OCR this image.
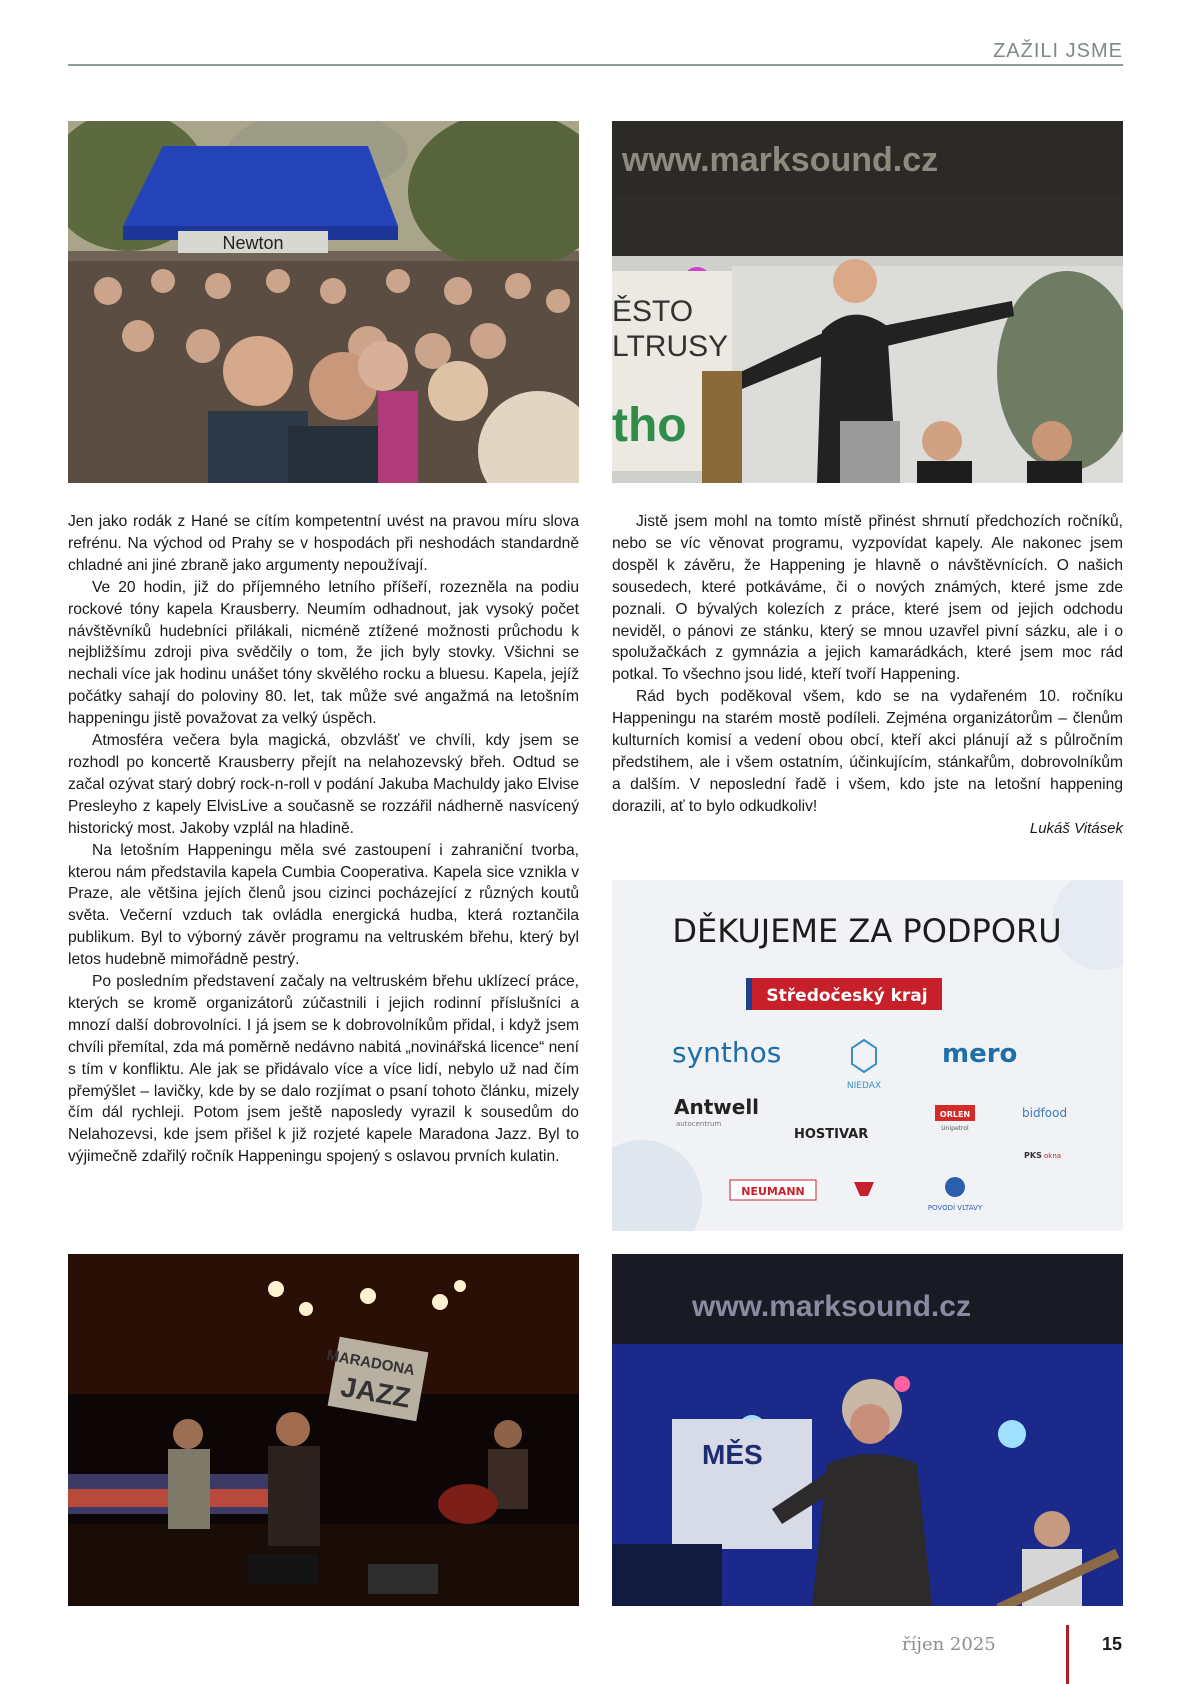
ZAŽILI JSME
Newton
www.marksound.cz
ĚSTO
LTRUSY
tho

Jen jako rodák z Hané se cítím kompetentní uvést na pravou míru slova refrénu. Na východ od Prahy se v hospodách při neshodách standardně chladné ani jiné zbraně jako argumenty nepoužívají.

Ve 20 hodin, již do příjemného letního příšeří, rozezněla na podiu rockové tóny kapela Krausberry. Neumím odhadnout, jak vysoký počet návštěvníků hudebníci přilákali, nicméně ztížené možnosti průchodu k nejbližšímu zdroji piva svědčily o tom, že jich byly stovky. Všichni se nechali více jak hodinu unášet tóny skvělého rocku a bluesu. Kapela, jejíž počátky sahají do poloviny 80. let, tak může své angažmá na letošním happeningu jistě považovat za velký úspěch.

Atmosféra večera byla magická, obzvlášť ve chvíli, kdy jsem se rozhodl po koncertě Krausberry přejít na nelahozevský břeh. Odtud se začal ozývat starý dobrý rock-n-roll v podání Jakuba Machuldy jako Elvise Presleyho z kapely ElvisLive a současně se rozzářil nádherně nasvícený historický most. Jakoby vzplál na hladině.

Na letošním Happeningu měla své zastoupení i zahraniční tvorba, kterou nám představila kapela Cumbia Cooperativa. Kapela sice vznikla v Praze, ale většina jejích členů jsou cizinci pocházející z různých koutů světa. Večerní vzduch tak ovládla energická hudba, která roztančila publikum. Byl to výborný závěr programu na veltruském břehu, který byl letos hudebně mimořádně pestrý.

Po posledním představení začaly na veltruském břehu uklízecí práce, kterých se kromě organizátorů zúčastnili i jejich rodinní příslušníci a mnozí další dobrovolníci. I já jsem se k dobrovolníkům přidal, i když jsem chvíli přemítal, zda má poměrně nedávno nabitá „novinářská licence“ není s tím v konfliktu. Ale jak se přidávalo více a více lidí, nebylo už nad čím přemýšlet – lavičky, kde by se dalo rozjímat o psaní tohoto článku, mizely čím dál rychleji. Potom jsem ještě naposledy vyrazil k sousedům do Nelahozevsi, kde jsem přišel k již rozjeté kapele Maradona Jazz. Byl to výjimečně zdařilý ročník Happeningu spojený s oslavou prvních kulatin.

Jistě jsem mohl na tomto místě přinést shrnutí předchozích ročníků, nebo se víc věnovat programu, vyzpovídat kapely. Ale nakonec jsem dospěl k závěru, že Happening je hlavně o návštěvnících. O našich sousedech, které potkáváme, či o nových známých, které jsme zde poznali. O bývalých kolezích z práce, které jsem od jejich odchodu neviděl, o pánovi ze stánku, který se mnou uzavřel pivní sázku, ale i o spolužačkách z gymnázia a jejich kamarádkách, které jsem moc rád potkal. To všechno jsou lidé, kteří tvoří Happening.

Rád bych poděkoval všem, kdo se na vydařeném 10. ročníku Happeningu na starém mostě podíleli. Zejména organizátorům – členům kulturních komisí a vedení obou obcí, kteří akci plánují až s půlročním předstihem, ale i všem ostatním, účinkujícím, stánkařům, dobrovolníkům a dalším. V neposlední řadě i všem, kdo jste na letošní happening dorazili, ať to bylo odkudkoliv!

Lukáš Vitásek

DĚKUJEME ZA PODPORU
Středočeský kraj
synthos
NIEDAX
mero
Antwell
autocentrum
HOSTIVAR
ORLEN
Unipetrol
bidfood
PKS okna
NEUMANN
POVODÍ VLTAVY
MARADONA
JAZZ
www.marksound.cz
MĚS
říjen 2025	15
